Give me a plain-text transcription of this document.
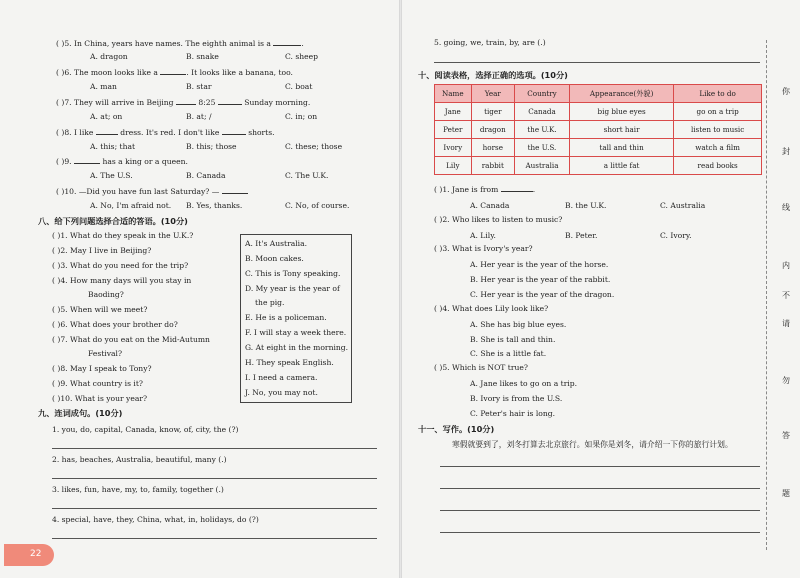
( )5. In China, years have names. The eighth animal is a	.
A. dragon	B. snake	C. sheep
( )6. The moon looks like a	. It looks like a banana, too.
A. man	B. star	C. boat
( )7. They will arrive in Beijing	8:25	Sunday morning.
A. at; on	B. at; /	C. in; on
( )8. I like	dress. It's red. I don't like	shorts.
A. this; that	B. this; those	C. these; those
( )9.	has a king or a queen.
A. The U.S.	B. Canada	C. The U.K.
( )10. —Did you have fun last Saturday? —
A. No, I'm afraid not. B. Yes, thanks.	C. No, of course.
八、给下列问题选择合适的答语。(10分)
( )1. What do they speak in the U.K.?
( )2. May I live in Beijing?
( )3. What do you need for the trip?
( )4. How many days will you stay in
Baoding?
( )5. When will we meet?
( )6. What does your brother do?
( )7. What do you eat on the Mid-Autumn
Festival?
( )8. May I speak to Tony?
( )9. What country is it?
( )10. What is your year?
A. It's Australia.
B. Moon cakes.
C. This is Tony speaking.
D. My year is the year of
the pig.
E. He is a policeman.
F. I will stay a week there.
G. At eight in the morning.
H. They speak English.
I. I need a camera.
J. No, you may not.
九、连词成句。(10分)
1. you, do, capital, Canada, know, of, city, the (?)
2. has, beaches, Australia, beautiful, many (.)
3. likes, fun, have, my, to, family, together (.)
4. special, have, they, China, what, in, holidays, do (?)
22
5. going, we, train, by, are (.)
十、阅读表格，选择正确的选项。(10分)
Name	Year	Country	Appearance(外貌)	Like to do
Jane	tiger	Canada	big blue eyes	go on a trip
Peter	dragon	the U.K.	short hair	listen to music
Ivory	horse	the U.S.	tall and thin	watch a film
Lily	rabbit	Australia	a little fat	read books
( )1. Jane is from	.
A. Canada	B. the U.K.	C. Australia
( )2. Who likes to listen to music?
A. Lily.	B. Peter.	C. Ivory.
( )3. What is Ivory's year?
A. Her year is the year of the horse.
B. Her year is the year of the rabbit.
C. Her year is the year of the dragon.
( )4. What does Lily look like?
A. She has big blue eyes.
B. She is tall and thin.
C. She is a little fat.
( )5. Which is NOT true?
A. Jane likes to go on a trip.
B. Ivory is from the U.S.
C. Peter's hair is long.
十一、写作。(10分)
寒假就要到了，刘冬打算去北京旅行。如果你是刘冬，请介绍一下你的旅行计划。
你
封
线
内
不
请
勿
答
题
